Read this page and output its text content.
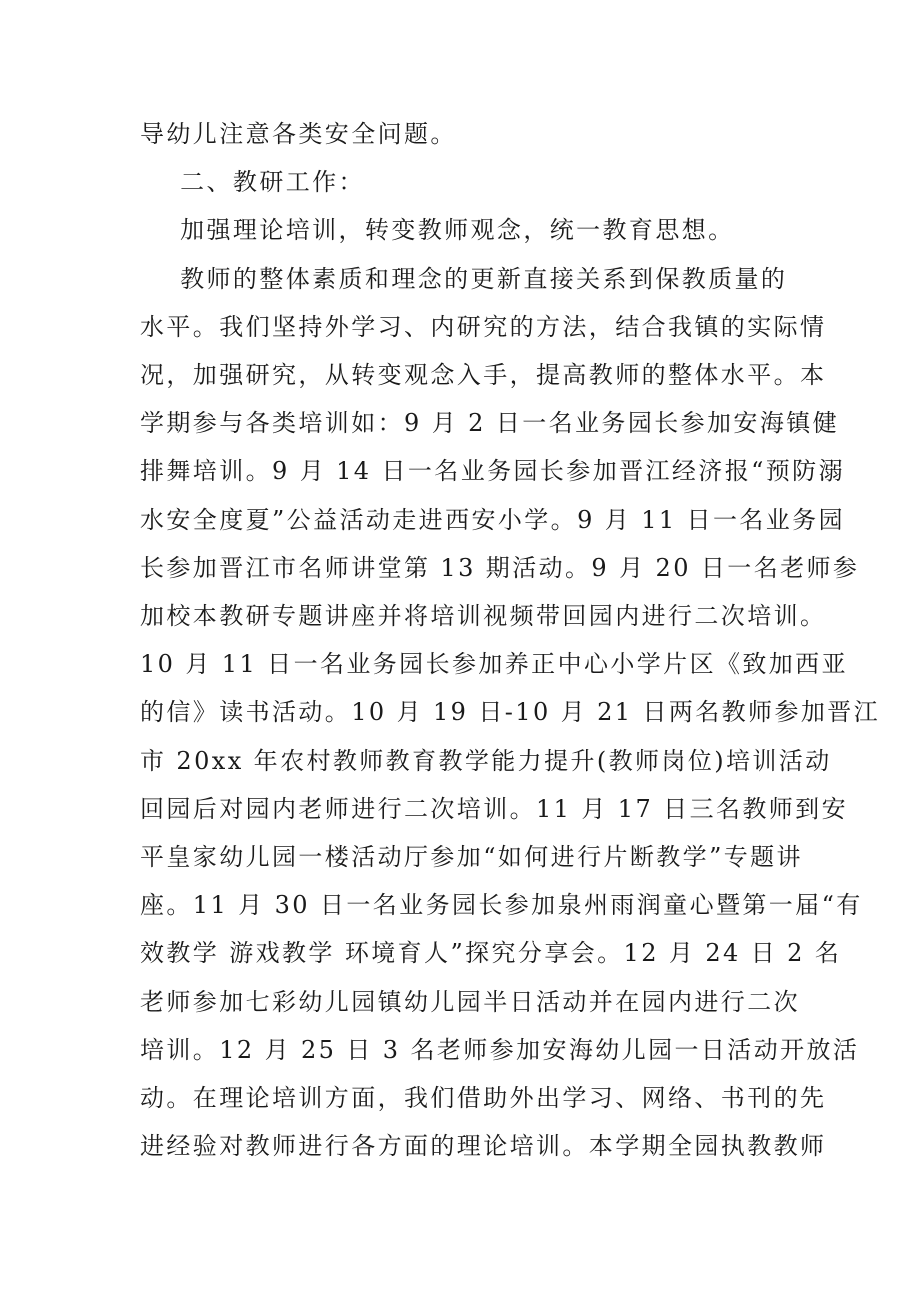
导幼儿注意各类安全问题。

二、教研工作：

加强理论培训，转变教师观念，统一教育思想。

教师的整体素质和理念的更新直接关系到保教质量的

水平。我们坚持外学习、内研究的方法，结合我镇的实际情

况，加强研究，从转变观念入手，提高教师的整体水平。本

学期参与各类培训如：9 月 2 日一名业务园长参加安海镇健

排舞培训。9 月 14 日一名业务园长参加晋江经济报“预防溺

水安全度夏”公益活动走进西安小学。9 月 11 日一名业务园

长参加晋江市名师讲堂第 13 期活动。9 月 20 日一名老师参

加校本教研专题讲座并将培训视频带回园内进行二次培训。

10 月 11 日一名业务园长参加养正中心小学片区《致加西亚

的信》读书活动。10 月 19 日-10 月 21 日两名教师参加晋江

市 20xx 年农村教师教育教学能力提升(教师岗位)培训活动

回园后对园内老师进行二次培训。11 月 17 日三名教师到安

平皇家幼儿园一楼活动厅参加“如何进行片断教学”专题讲

座。11 月 30 日一名业务园长参加泉州雨润童心暨第一届“有

效教学 游戏教学 环境育人”探究分享会。12 月 24 日 2 名

老师参加七彩幼儿园镇幼儿园半日活动并在园内进行二次

培训。12 月 25 日 3 名老师参加安海幼儿园一日活动开放活

动。在理论培训方面，我们借助外出学习、网络、书刊的先

进经验对教师进行各方面的理论培训。本学期全园执教教师
